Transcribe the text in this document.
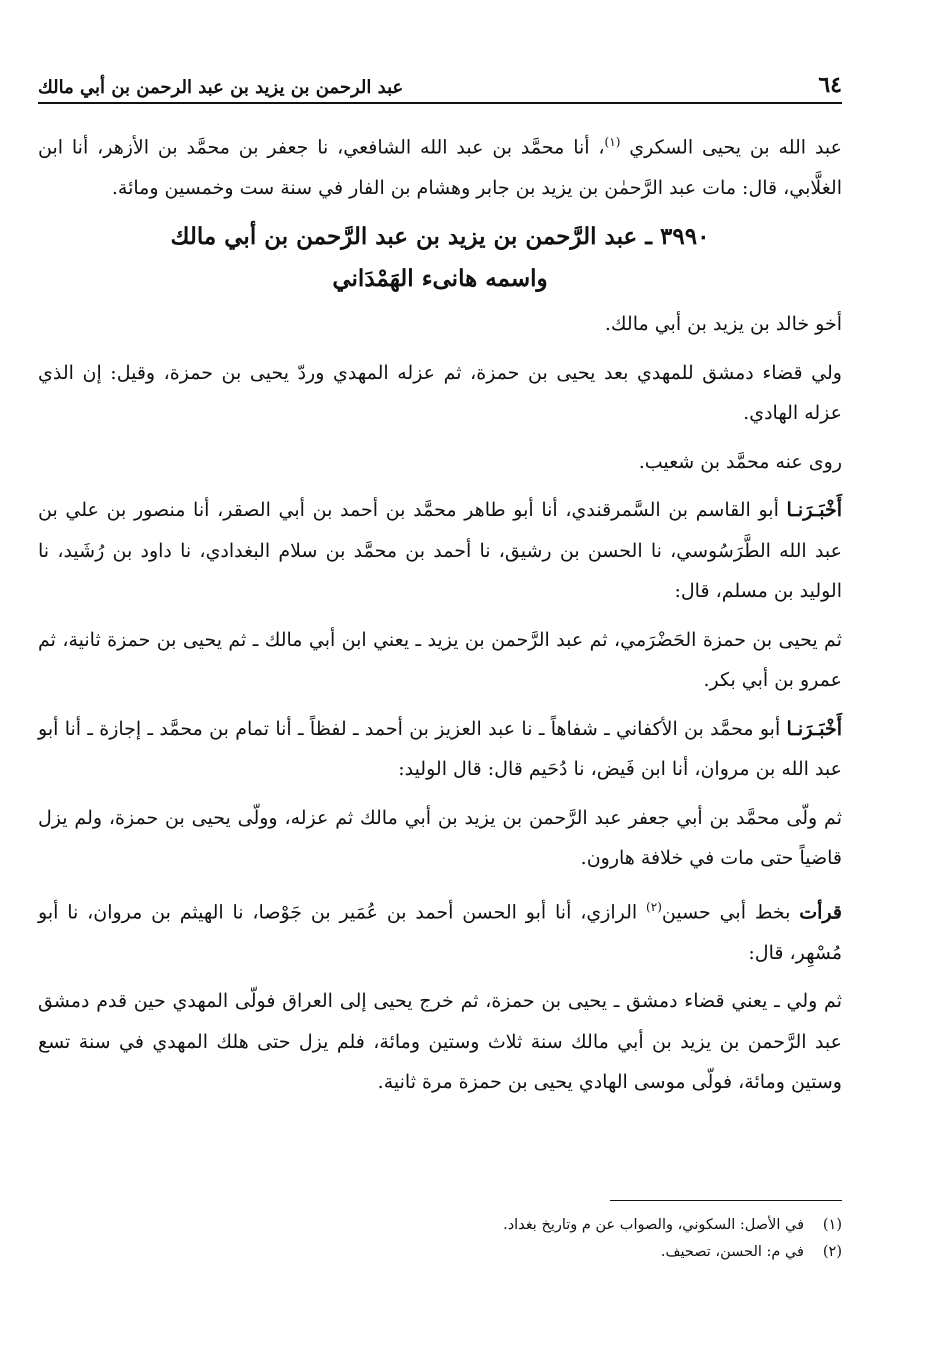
٦٤
عبد الرحمن بن يزيد بن عبد الرحمن بن أبي مالك

عبد الله بن يحيى السكري $^{(١)}$، أنا محمَّد بن عبد الله الشافعي، نا جعفر بن محمَّد بن الأزهر، أنا ابن الغلَّابي، قال: مات عبد الرَّحمٰن بن يزيد بن جابر وهشام بن الفار في سنة ست وخمسين ومائة.

٣٩٩٠ ـ عبد الرَّحمن بن يزيد بن عبد الرَّحمن بن أبي مالك
واسمه هانىء الهَمْدَاني

أخو خالد بن يزيد بن أبي مالك.

ولي قضاء دمشق للمهدي بعد يحيى بن حمزة، ثم عزله المهدي وردّ يحيى بن حمزة، وقيل: إن الذي عزله الهادي.

روى عنه محمَّد بن شعيب.

أَخْبَـرَنـا أبو القاسم بن السَّمرقندي، أنا أبو طاهر محمَّد بن أحمد بن أبي الصقر، أنا منصور بن علي بن عبد الله الطَّرَسُوسي، نا الحسن بن رشيق، نا أحمد بن محمَّد بن سلام البغدادي، نا داود بن رُشَيد، نا الوليد بن مسلم، قال:

ثم يحيى بن حمزة الحَضْرَمي، ثم عبد الرَّحمن بن يزيد ـ يعني ابن أبي مالك ـ ثم يحيى بن حمزة ثانية، ثم عمرو بن أبي بكر.

أَخْبَـرَنـا أبو محمَّد بن الأكفاني ـ شفاهاً ـ نا عبد العزيز بن أحمد ـ لفظاً ـ أنا تمام بن محمَّد ـ إجازة ـ أنا أبو عبد الله بن مروان، أنا ابن فَيض، نا دُحَيم قال: قال الوليد:

ثم ولّى محمَّد بن أبي جعفر عبد الرَّحمن بن يزيد بن أبي مالك ثم عزله، وولّى يحيى بن حمزة، ولم يزل قاضياً حتى مات في خلافة هارون.

قرأت بخط أبي حسين$^{(٢)}$ الرازي، أنا أبو الحسن أحمد بن عُمَير بن جَوْصا، نا الهيثم بن مروان، نا أبو مُسْهِر، قال:

ثم ولي ـ يعني قضاء دمشق ـ يحيى بن حمزة، ثم خرج يحيى إلى العراق فولّى المهدي حين قدم دمشق عبد الرَّحمن بن يزيد بن أبي مالك سنة ثلاث وستين ومائة، فلم يزل حتى هلك المهدي في سنة تسع وستين ومائة، فولّى موسى الهادي يحيى بن حمزة مرة ثانية.

(١)
في الأصل: السكوني، والصواب عن م وتاريخ بغداد.
(٢)
في م: الحسن، تصحيف.
